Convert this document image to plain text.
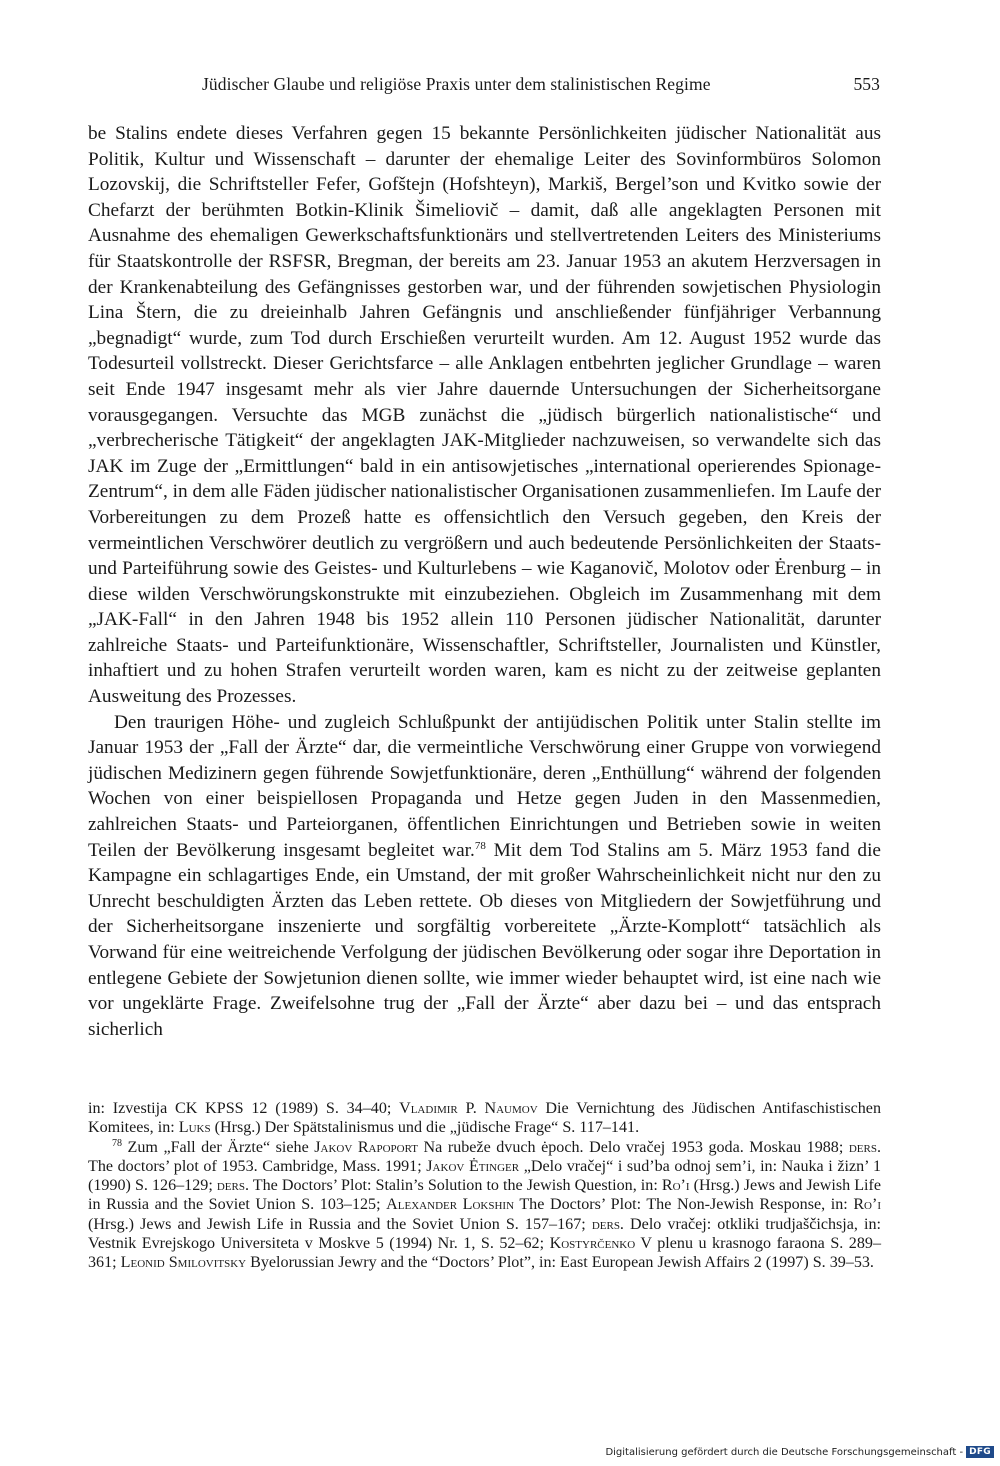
Jüdischer Glaube und religiöse Praxis unter dem stalinistischen Regime	553

be Stalins endete dieses Verfahren gegen 15 bekannte Persönlichkeiten jüdischer Nationalität aus Politik, Kultur und Wissenschaft – darunter der ehemalige Leiter des Sovinformbüros Solomon Lozovskij, die Schriftsteller Fefer, Gofštejn (Hofshteyn), Markiš, Bergel’son und Kvitko sowie der Chefarzt der berühmten Botkin-Klinik Šimeliovič – damit, daß alle angeklagten Personen mit Ausnahme des ehemaligen Gewerkschaftsfunktionärs und stellvertretenden Leiters des Ministeriums für Staatskontrolle der RSFSR, Bregman, der bereits am 23. Januar 1953 an akutem Herzversagen in der Krankenabteilung des Gefängnisses gestorben war, und der führenden sowjetischen Physiologin Lina Štern, die zu dreieinhalb Jahren Gefängnis und anschließender fünfjähriger Verbannung „begnadigt“ wurde, zum Tod durch Erschießen verurteilt wurden. Am 12. August 1952 wurde das Todesurteil vollstreckt. Dieser Gerichtsfarce – alle Anklagen entbehrten jeglicher Grundlage – waren seit Ende 1947 insgesamt mehr als vier Jahre dauernde Untersuchungen der Sicherheitsorgane vorausgegangen. Versuchte das MGB zunächst die „jüdisch bürgerlich nationalistische“ und „verbrecherische Tätigkeit“ der angeklagten JAK-Mitglieder nachzuweisen, so verwandelte sich das JAK im Zuge der „Ermittlungen“ bald in ein antisowjetisches „international operierendes Spionage-Zentrum“, in dem alle Fäden jüdischer nationalistischer Organisationen zusammenliefen. Im Laufe der Vorbereitungen zu dem Prozeß hatte es offensichtlich den Versuch gegeben, den Kreis der vermeintlichen Verschwörer deutlich zu vergrößern und auch bedeutende Persönlichkeiten der Staats- und Parteiführung sowie des Geistes- und Kulturlebens – wie Kaganovič, Molotov oder Ėrenburg – in diese wilden Verschwörungskonstrukte mit einzubeziehen. Obgleich im Zusammenhang mit dem „JAK-Fall“ in den Jahren 1948 bis 1952 allein 110 Personen jüdischer Nationalität, darunter zahlreiche Staats- und Parteifunktionäre, Wissenschaftler, Schriftsteller, Journalisten und Künstler, inhaftiert und zu hohen Strafen verurteilt worden waren, kam es nicht zu der zeitweise geplanten Ausweitung des Prozesses.

Den traurigen Höhe- und zugleich Schlußpunkt der antijüdischen Politik unter Stalin stellte im Januar 1953 der „Fall der Ärzte“ dar, die vermeintliche Verschwörung einer Gruppe von vorwiegend jüdischen Medizinern gegen führende Sowjetfunktionäre, deren „Enthüllung“ während der folgenden Wochen von einer beispiellosen Propaganda und Hetze gegen Juden in den Massenmedien, zahlreichen Staats- und Parteiorganen, öffentlichen Einrichtungen und Betrieben sowie in weiten Teilen der Bevölkerung insgesamt begleitet war.$^{78}$ Mit dem Tod Stalins am 5. März 1953 fand die Kampagne ein schlagartiges Ende, ein Umstand, der mit großer Wahrscheinlichkeit nicht nur den zu Unrecht beschuldigten Ärzten das Leben rettete. Ob dieses von Mitgliedern der Sowjetführung und der Sicherheitsorgane inszenierte und sorgfältig vorbereitete „Ärzte-Komplott“ tatsächlich als Vorwand für eine weitreichende Verfolgung der jüdischen Bevölkerung oder sogar ihre Deportation in entlegene Gebiete der Sowjetunion dienen sollte, wie immer wieder behauptet wird, ist eine nach wie vor ungeklärte Frage. Zweifelsohne trug der „Fall der Ärzte“ aber dazu bei – und das entsprach sicherlich

in: Izvestija CK KPSS 12 (1989) S. 34–40; Vladimir P. Naumov Die Vernichtung des Jüdischen Antifaschistischen Komitees, in: Luks (Hrsg.) Der Spätstalinismus und die „jüdische Frage“ S. 117–141.

$^{78}$ Zum „Fall der Ärzte“ siehe Jakov Rapoport Na rubeže dvuch ėpoch. Delo vračej 1953 goda. Moskau 1988; ders. The doctors’ plot of 1953. Cambridge, Mass. 1991; Jakov Ėtinger „Delo vračej“ i sud’ba odnoj sem’i, in: Nauka i žizn’ 1 (1990) S. 126–129; ders. The Doctors’ Plot: Stalin’s Solution to the Jewish Question, in: Ro’i (Hrsg.) Jews and Jewish Life in Russia and the Soviet Union S. 103–125; Alexander Lokshin The Doctors’ Plot: The Non-Jewish Response, in: Ro’i (Hrsg.) Jews and Jewish Life in Russia and the Soviet Union S. 157–167; ders. Delo vračej: otkliki trudjaščichsja, in: Vestnik Evrejskogo Universiteta v Moskve 5 (1994) Nr. 1, S. 52–62; Kostyrčenko V plenu u krasnogo faraona S. 289–361; Leonid Smilovitsky Byelorussian Jewry and the “Doctors’ Plot”, in: East European Jewish Affairs 2 (1997) S. 39–53.

Digitalisierung gefördert durch die Deutsche Forschungsgemeinschaft - DFG
